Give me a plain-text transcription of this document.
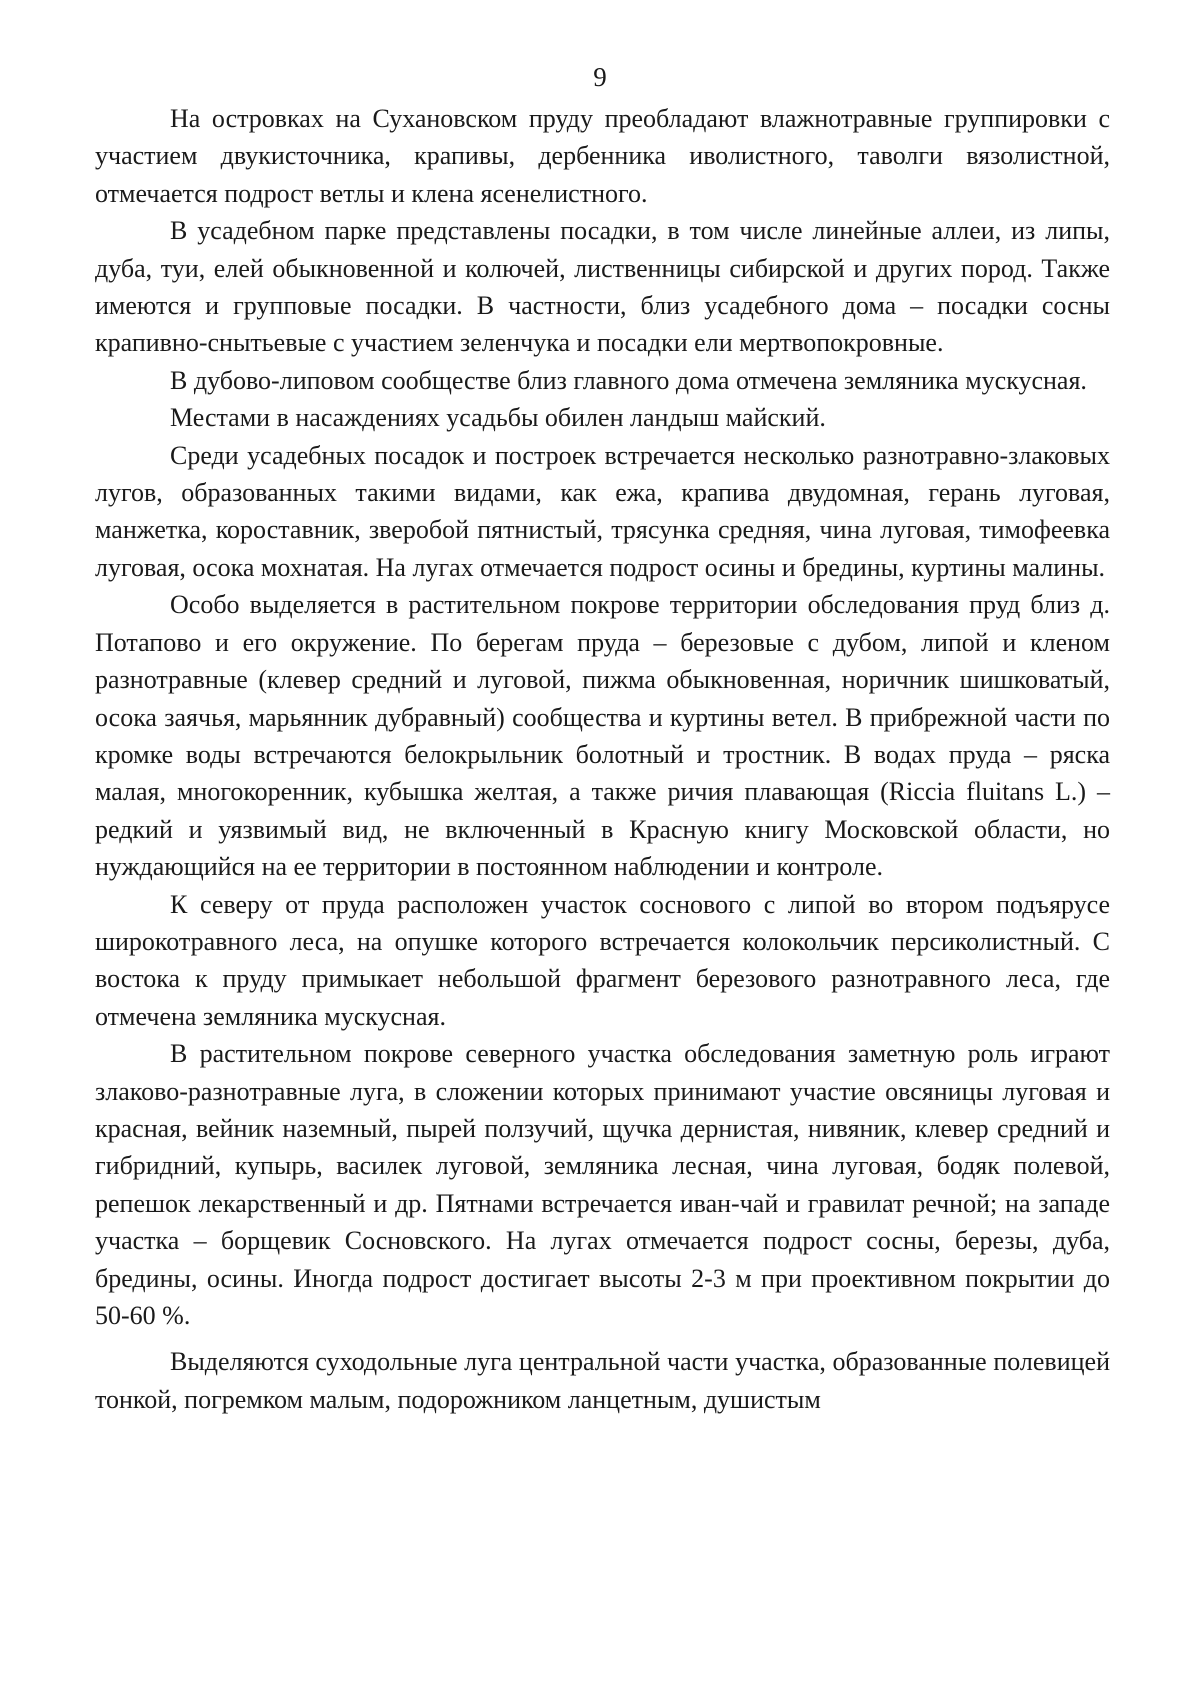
9

На островках на Сухановском пруду преобладают влажнотравные группировки с участием двукисточника, крапивы, дербенника иволистного, таволги вязолистной, отмечается подрост ветлы и клена ясенелистного.

В усадебном парке представлены посадки, в том числе линейные аллеи, из липы, дуба, туи, елей обыкновенной и колючей, лиственницы сибирской и других пород. Также имеются и групповые посадки. В частности, близ усадебного дома – посадки сосны крапивно-снытьевые с участием зеленчука и посадки ели мертвопокровные.

В дубово-липовом сообществе близ главного дома отмечена земляника мускусная.

Местами в насаждениях усадьбы обилен ландыш майский.

Среди усадебных посадок и построек встречается несколько разнотравно-злаковых лугов, образованных такими видами, как ежа, крапива двудомная, герань луговая, манжетка, короставник, зверобой пятнистый, трясунка средняя, чина луговая, тимофеевка луговая, осока мохнатая. На лугах отмечается подрост осины и бредины, куртины малины.

Особо выделяется в растительном покрове территории обследования пруд близ д. Потапово и его окружение. По берегам пруда – березовые с дубом, липой и кленом разнотравные (клевер средний и луговой, пижма обыкновенная, норичник шишковатый, осока заячья, марьянник дубравный) сообщества и куртины ветел. В прибрежной части по кромке воды встречаются белокрыльник болотный и тростник. В водах пруда – ряска малая, многокоренник, кубышка желтая, а также ричия плавающая (Riccia fluitans L.) – редкий и уязвимый вид, не включенный в Красную книгу Московской области, но нуждающийся на ее территории в постоянном наблюдении и контроле.

К северу от пруда расположен участок соснового с липой во втором подъярусе широкотравного леса, на опушке которого встречается колокольчик персиколистный. С востока к пруду примыкает небольшой фрагмент березового разнотравного леса, где отмечена земляника мускусная.

В растительном покрове северного участка обследования заметную роль играют злаково-разнотравные луга, в сложении которых принимают участие овсяницы луговая и красная, вейник наземный, пырей ползучий, щучка дернистая, нивяник, клевер средний и гибридний, купырь, василек луговой, земляника лесная, чина луговая, бодяк полевой, репешок лекарственный и др. Пятнами встречается иван-чай и гравилат речной; на западе участка – борщевик Сосновского. На лугах отмечается подрост сосны, березы, дуба, бредины, осины. Иногда подрост достигает высоты 2-3 м при проективном покрытии до 50-60 %.

Выделяются суходольные луга центральной части участка, образованные полевицей тонкой, погремком малым, подорожником ланцетным, душистым
